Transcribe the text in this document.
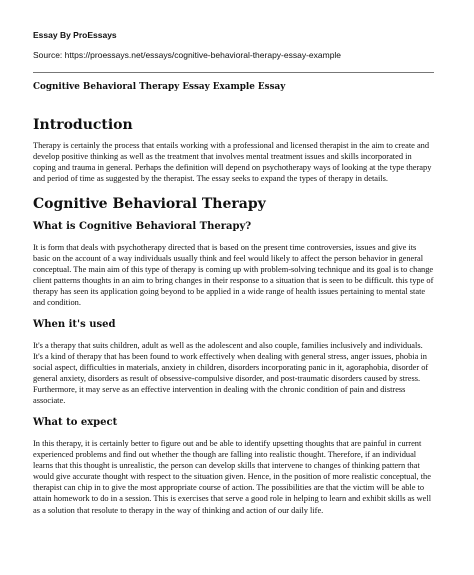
Essay By ProEssays
Source: https://proessays.net/essays/cognitive-behavioral-therapy-essay-example
Cognitive Behavioral Therapy Essay Example Essay
Introduction

Therapy is certainly the process that entails working with a professional and licensed therapist in the aim to create and develop positive thinking as well as the treatment that involves mental treatment issues and skills incorporated in coping and trauma in general. Perhaps the definition will depend on psychotherapy ways of looking at the type therapy and period of time as suggested by the therapist. The essay seeks to expand the types of therapy in details.

Cognitive Behavioral Therapy
What is Cognitive Behavioral Therapy?

It is form that deals with psychotherapy directed that is based on the present time controversies, issues and give its basic on the account of a way individuals usually think and feel would likely to affect the person behavior in general conceptual. The main aim of this type of therapy is coming up with problem-solving technique and its goal is to change client patterns thoughts in an aim to bring changes in their response to a situation that is seen to be difficult. this type of therapy has seen its application going beyond to be applied in a wide range of health issues pertaining to mental state and condition.

When it's used

It's a therapy that suits children, adult as well as the adolescent and also couple, families inclusively and individuals. It's a kind of therapy that has been found to work effectively when dealing with general stress, anger issues, phobia in social aspect, difficulties in materials, anxiety in children, disorders incorporating panic in it, agoraphobia, disorder of general anxiety, disorders as result of obsessive-compulsive disorder, and post-traumatic disorders caused by stress. Furthermore, it may serve as an effective intervention in dealing with the chronic condition of pain and distress associate.

What to expect

In this therapy, it is certainly better to figure out and be able to identify upsetting thoughts that are painful in current experienced problems and find out whether the though are falling into realistic thought. Therefore, if an individual learns that this thought is unrealistic, the person can develop skills that intervene to changes of thinking pattern that would give accurate thought with respect to the situation given. Hence, in the position of more realistic conceptual, the therapist can chip in to give the most appropriate course of action. The possibilities are that the victim will be able to attain homework to do in a session. This is exercises that serve a good role in helping to learn and exhibit skills as well as a solution that resolute to therapy in the way of thinking and action of our daily life.
